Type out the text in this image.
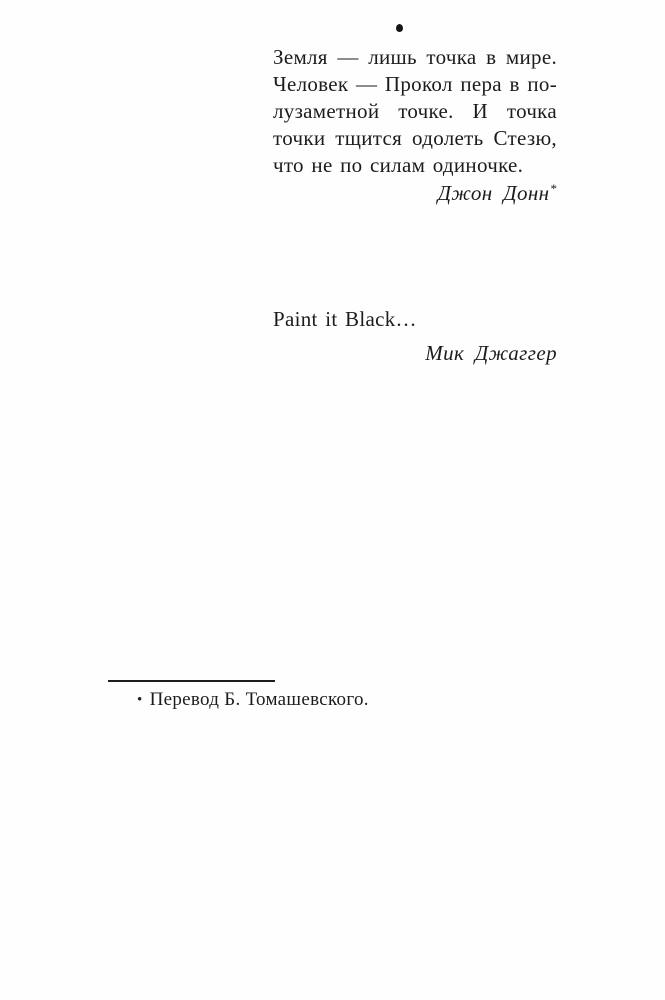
Земля — лишь точка в мире.
Человек — Прокол пера в по-
лузаметной точке. И точка
точки тщится одолеть Стезю,
что не по силам одиночке.
Джон Донн*
Paint it Black…
Мик Джаггер
• Перевод Б. Томашевского.
